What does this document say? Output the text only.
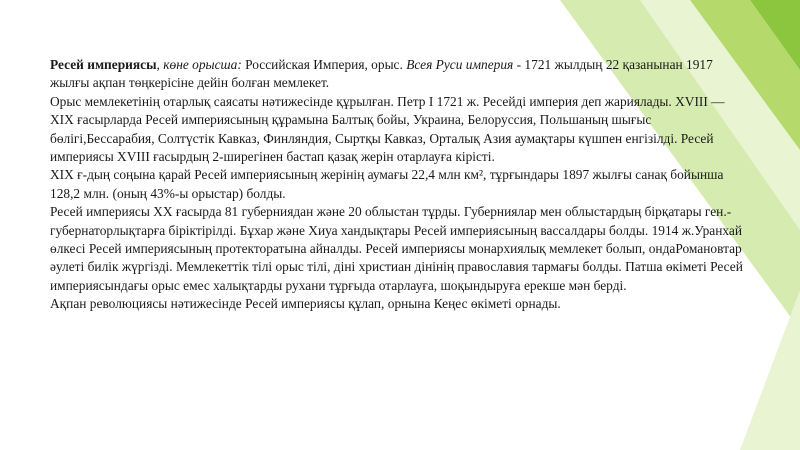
Ресей империясы, көне орысша: Российская Империя, орыс. Всея Руси империя - 1721 жылдың 22 қазанынан 1917 жылғы ақпан төңкерісіне дейін болған мемлекет.

Орыс мемлекетінің отарлық саясаты нәтижесінде құрылған. Петр І 1721 ж. Ресейді империя деп жариялады. XVIII — XIX ғасырларда Ресей империясының құрамына Балтық бойы, Украина, Белоруссия, Польшаның шығыс бөлігі,Бессарабия, Солтүстік Кавказ, Финляндия, Сыртқы Кавказ, Орталық Азия аумақтары күшпен енгізілді. Ресей империясы XVIII ғасырдың 2-ширегінен бастап қазақ жерін отарлауға кірісті.

XIX ғ-дың соңына қарай Ресей империясының жерінің аумағы 22,4 млн км², тұрғындары 1897 жылғы санақ бойынша 128,2 млн. (оның 43%-ы орыстар) болды.

Ресей империясы XX ғасырда 81 губерниядан және 20 облыстан тұрды. Губерниялар мен облыстардың бірқатары ген.-губернаторлықтарға біріктірілді. Бұхар және Хиуа хандықтары Ресей империясының вассалдары болды. 1914 ж.Уранхай өлкесі Ресей империясының протекторатына айналды. Ресей империясы монархиялық мемлекет болып, ондаРомановтар әулеті билік жүргізді. Мемлекеттік тілі орыс тілі, діні христиан дінінің православия тармағы болды. Патша өкіметі Ресей империясындағы орыс емес халықтарды рухани тұрғыда отарлауға, шоқындыруға ерекше мән берді.

Ақпан революциясы нәтижесінде Ресей империясы құлап, орнына Кеңес өкіметі орнады.
